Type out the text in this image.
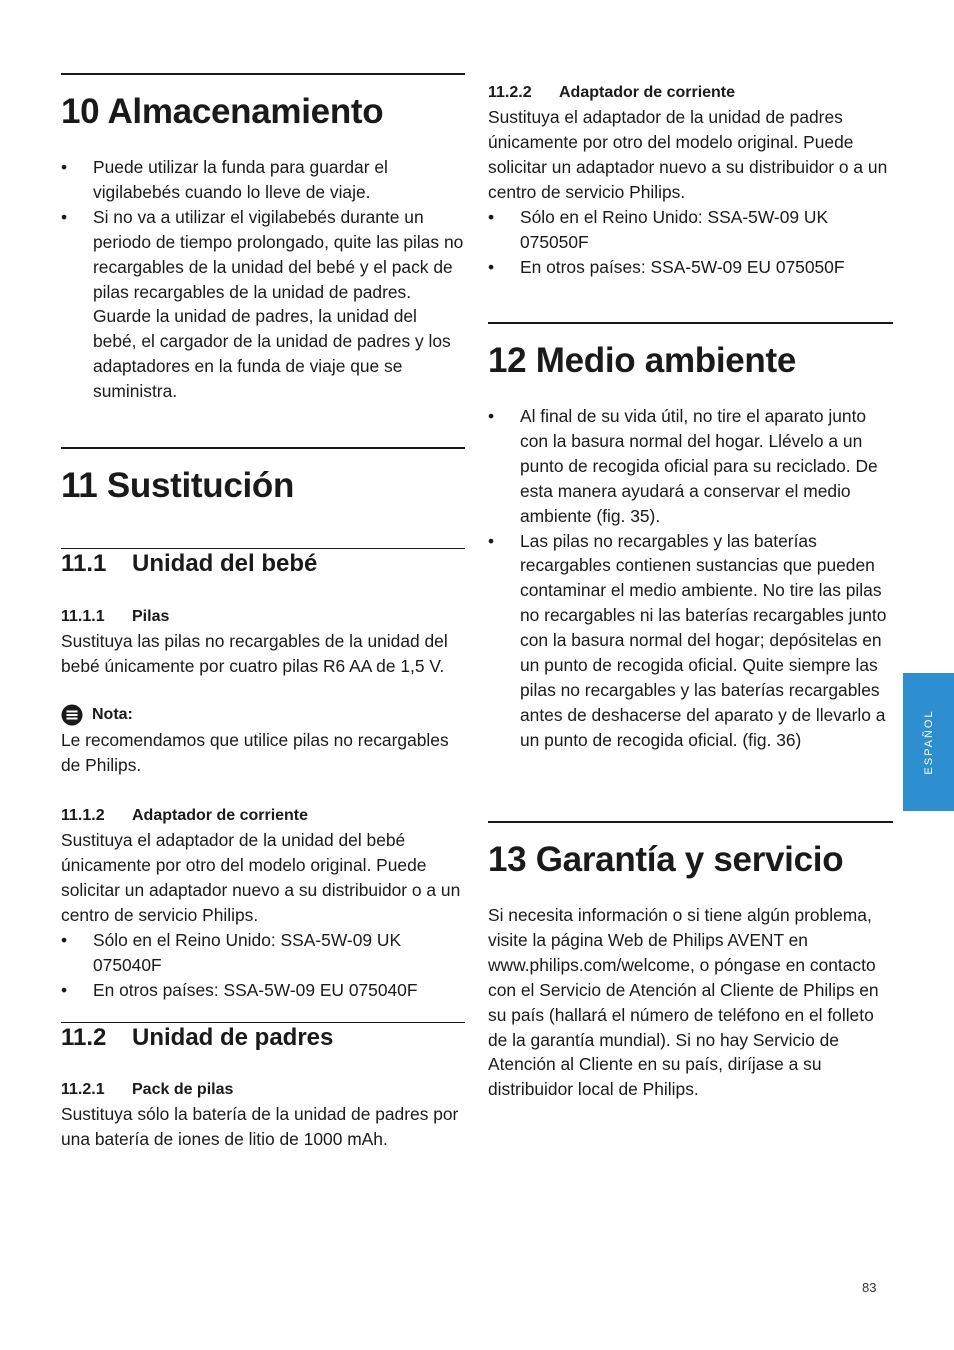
10 Almacenamiento
•	Puede utilizar la funda para guardar el vigilabebés cuando lo lleve de viaje.
•	Si no va a utilizar el vigilabebés durante un periodo de tiempo prolongado, quite las pilas no recargables de la unidad del bebé y el pack de pilas recargables de la unidad de padres. Guarde la unidad de padres, la unidad del bebé, el cargador de la unidad de padres y los adaptadores en la funda de viaje que se suministra.
11 Sustitución
11.1 Unidad del bebé
11.1.1 Pilas

Sustituya las pilas no recargables de la unidad del bebé únicamente por cuatro pilas R6 AA de 1,5 V.

Nota:

Le recomendamos que utilice pilas no recargables de Philips.

11.1.2 Adaptador de corriente

Sustituya el adaptador de la unidad del bebé únicamente por otro del modelo original. Puede solicitar un adaptador nuevo a su distribuidor o a un centro de servicio Philips.

•	Sólo en el Reino Unido: SSA-5W-09 UK 075040F
•	En otros países: SSA-5W-09 EU 075040F
11.2 Unidad de padres
11.2.1 Pack de pilas

Sustituya sólo la batería de la unidad de padres por una batería de iones de litio de 1000 mAh.

11.2.2 Adaptador de corriente

Sustituya el adaptador de la unidad de padres únicamente por otro del modelo original. Puede solicitar un adaptador nuevo a su distribuidor o a un centro de servicio Philips.

•	Sólo en el Reino Unido: SSA-5W-09 UK 075050F
•	En otros países: SSA-5W-09 EU 075050F
12 Medio ambiente
•	Al final de su vida útil, no tire el aparato junto con la basura normal del hogar. Llévelo a un punto de recogida oficial para su reciclado. De esta manera ayudará a conservar el medio ambiente (fig. 35).
•	Las pilas no recargables y las baterías recargables contienen sustancias que pueden contaminar el medio ambiente. No tire las pilas no recargables ni las baterías recargables junto con la basura normal del hogar; depósitelas en un punto de recogida oficial. Quite siempre las pilas no recargables y las baterías recargables antes de deshacerse del aparato y de llevarlo a un punto de recogida oficial. (fig. 36)
13 Garantía y servicio

Si necesita información o si tiene algún problema, visite la página Web de Philips AVENT en www.philips.com/welcome, o póngase en contacto con el Servicio de Atención al Cliente de Philips en su país (hallará el número de teléfono en el folleto de la garantía mundial). Si no hay Servicio de Atención al Cliente en su país, diríjase a su distribuidor local de Philips.

ESPAÑOL
83
